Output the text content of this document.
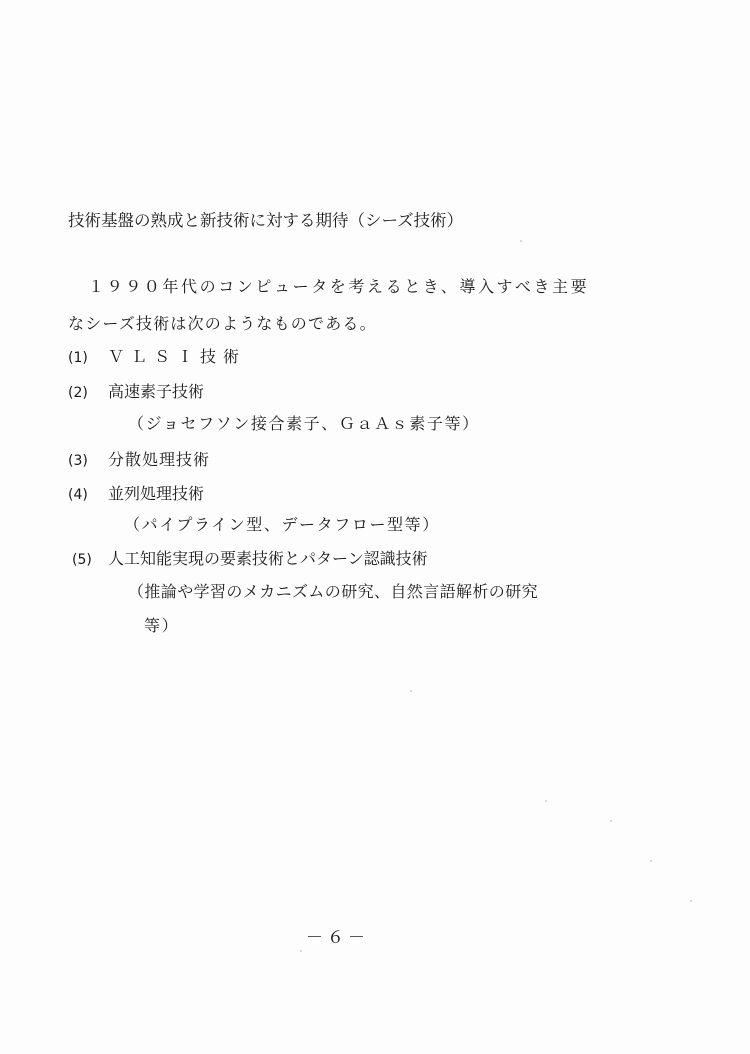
技術基盤の熟成と新技術に対する期待（シーズ技術）
１９９０年代のコンピュータを考えるとき、導入すべき主要
なシーズ技術は次のようなものである。
(1) ＶＬＳＩ技術
(2) 高速素子技術
（ジョセフソン接合素子、ＧａＡｓ素子等）
(3) 分散処理技術
(4) 並列処理技術
（パイプライン型、データフロー型等）
(5) 人工知能実現の要素技術とパターン認識技術
（推論や学習のメカニズムの研究、自然言語解析の研究
等）
－６－
